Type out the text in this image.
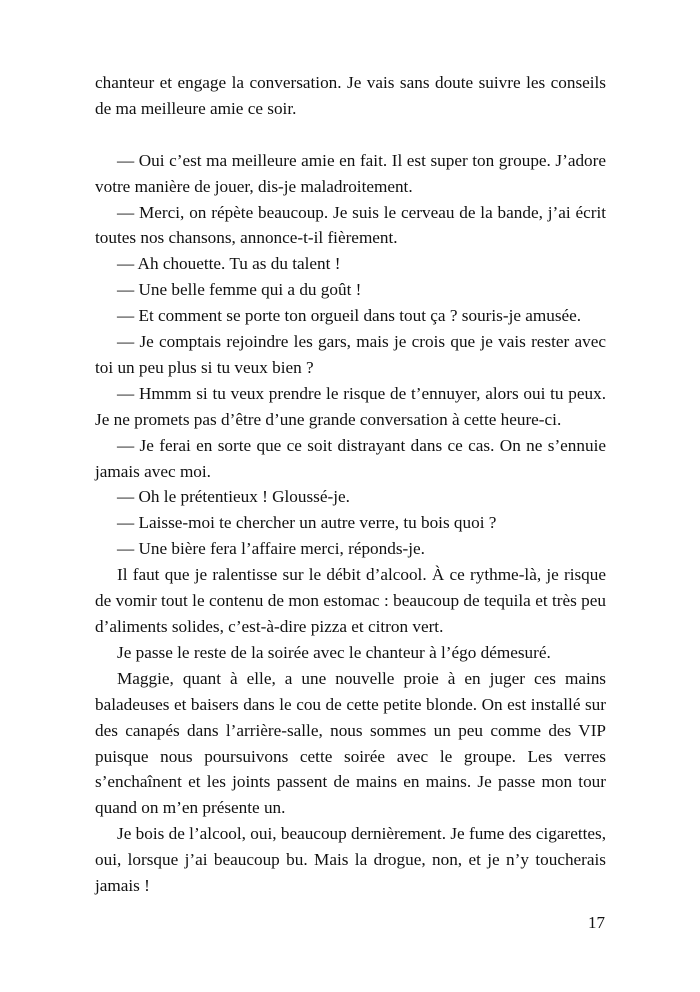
chanteur et engage la conversation. Je vais sans doute suivre les conseils de ma meilleure amie ce soir.

— Oui c’est ma meilleure amie en fait. Il est super ton groupe. J’adore votre manière de jouer, dis-je maladroitement.

— Merci, on répète beaucoup. Je suis le cerveau de la bande, j’ai écrit toutes nos chansons, annonce-t-il fièrement.

— Ah chouette. Tu as du talent !

— Une belle femme qui a du goût !

— Et comment se porte ton orgueil dans tout ça ? souris-je amusée.

— Je comptais rejoindre les gars, mais je crois que je vais rester avec toi un peu plus si tu veux bien ?

— Hmmm si tu veux prendre le risque de t’ennuyer, alors oui tu peux. Je ne promets pas d’être d’une grande conversation à cette heure-ci.

— Je ferai en sorte que ce soit distrayant dans ce cas. On ne s’ennuie jamais avec moi.

— Oh le prétentieux ! Gloussé-je.

— Laisse-moi te chercher un autre verre, tu bois quoi ?

— Une bière fera l’affaire merci, réponds-je.

Il faut que je ralentisse sur le débit d’alcool. À ce rythme-là, je risque de vomir tout le contenu de mon estomac : beaucoup de tequila et très peu d’aliments solides, c’est-à-dire pizza et citron vert.

Je passe le reste de la soirée avec le chanteur à l’égo démesuré.

Maggie, quant à elle, a une nouvelle proie à en juger ces mains baladeuses et baisers dans le cou de cette petite blonde. On est installé sur des canapés dans l’arrière-salle, nous sommes un peu comme des VIP puisque nous poursuivons cette soirée avec le groupe. Les verres s’enchaînent et les joints passent de mains en mains. Je passe mon tour quand on m’en présente un.

Je bois de l’alcool, oui, beaucoup dernièrement. Je fume des cigarettes, oui, lorsque j’ai beaucoup bu. Mais la drogue, non, et je n’y toucherais jamais !

17
